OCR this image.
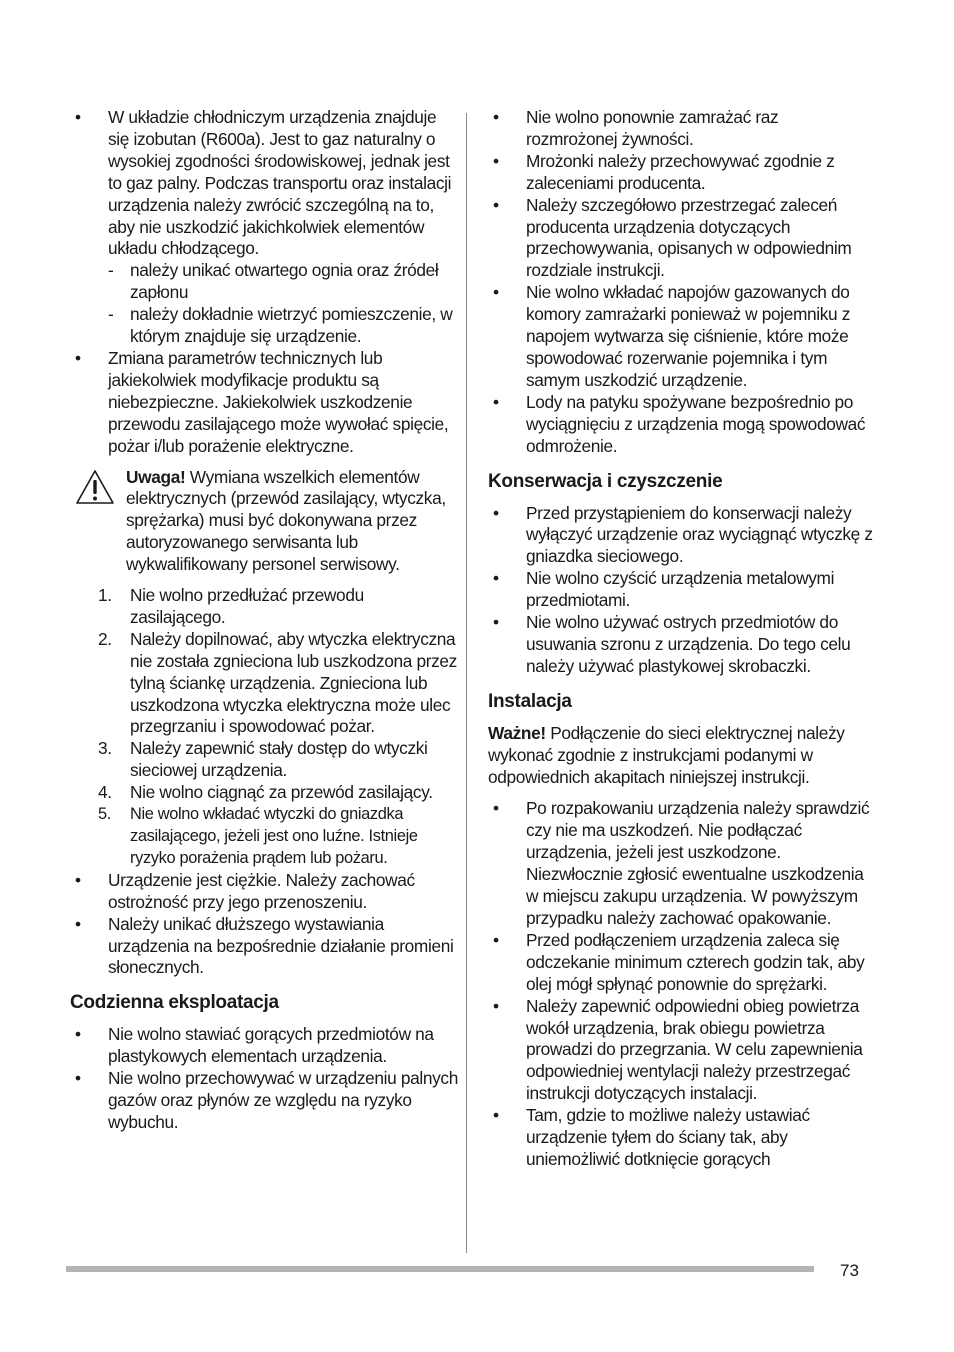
• W układzie chłodniczym urządzenia znajduje się izobutan (R600a). Jest to gaz naturalny o wysokiej zgodności środowiskowej, jednak jest to gaz palny. Podczas transportu oraz instalacji urządzenia należy zwrócić szczególną na to, aby nie uszkodzić jakichkolwiek elementów układu chłodzącego.
- należy unikać otwartego ognia oraz źródeł zapłonu
- należy dokładnie wietrzyć pomieszczenie, w którym znajduje się urządzenie.
• Zmiana parametrów technicznych lub jakiekolwiek modyfikacje produktu są niebezpieczne. Jakiekolwiek uszkodzenie przewodu zasilającego może wywołać spięcie, pożar i/lub porażenie elektryczne.
Uwaga! Wymiana wszelkich elementów elektrycznych (przewód zasilający, wtyczka, sprężarka) musi być dokonywana przez autoryzowanego serwisanta lub wykwalifikowany personel serwisowy.
1. Nie wolno przedłużać przewodu zasilającego.
2. Należy dopilnować, aby wtyczka elektryczna nie została zgnieciona lub uszkodzona przez tylną ściankę urządzenia. Zgnieciona lub uszkodzona wtyczka elektryczna może ulec przegrzaniu i spowodować pożar.
3. Należy zapewnić stały dostęp do wtyczki sieciowej urządzenia.
4. Nie wolno ciągnąć za przewód zasilający.
5. Nie wolno wkładać wtyczki do gniazdka zasilającego, jeżeli jest ono luźne. Istnieje ryzyko porażenia prądem lub pożaru.
• Urządzenie jest ciężkie. Należy zachować ostrożność przy jego przenoszeniu.
• Należy unikać dłuższego wystawiania urządzenia na bezpośrednie działanie promieni słonecznych.
Codzienna eksploatacja
• Nie wolno stawiać gorących przedmiotów na plastykowych elementach urządzenia.
• Nie wolno przechowywać w urządzeniu palnych gazów oraz płynów ze względu na ryzyko wybuchu.
• Nie wolno ponownie zamrażać raz rozmrożonej żywności.
• Mrożonki należy przechowywać zgodnie z zaleceniami producenta.
• Należy szczegółowo przestrzegać zaleceń producenta urządzenia dotyczących przechowywania, opisanych w odpowiednim rozdziale instrukcji.
• Nie wolno wkładać napojów gazowanych do komory zamrażarki ponieważ w pojemniku z napojem wytwarza się ciśnienie, które może spowodować rozerwanie pojemnika i tym samym uszkodzić urządzenie.
• Lody na patyku spożywane bezpośrednio po wyciągnięciu z urządzenia mogą spowodować odmrożenie.
Konserwacja i czyszczenie
• Przed przystąpieniem do konserwacji należy wyłączyć urządzenie oraz wyciągnąć wtyczkę z gniazdka sieciowego.
• Nie wolno czyścić urządzenia metalowymi przedmiotami.
• Nie wolno używać ostrych przedmiotów do usuwania szronu z urządzenia. Do tego celu należy używać plastykowej skrobaczki.
Instalacja
Ważne! Podłączenie do sieci elektrycznej należy wykonać zgodnie z instrukcjami podanymi w odpowiednich akapitach niniejszej instrukcji.
• Po rozpakowaniu urządzenia należy sprawdzić czy nie ma uszkodzeń. Nie podłączać urządzenia, jeżeli jest uszkodzone. Niezwłocznie zgłosić ewentualne uszkodzenia w miejscu zakupu urządzenia. W powyższym przypadku należy zachować opakowanie.
• Przed podłączeniem urządzenia zaleca się odczekanie minimum czterech godzin tak, aby olej mógł spłynąć ponownie do sprężarki.
• Należy zapewnić odpowiedni obieg powietrza wokół urządzenia, brak obiegu powietrza prowadzi do przegrzania. W celu zapewnienia odpowiedniej wentylacji należy przestrzegać instrukcji dotyczących instalacji.
• Tam, gdzie to możliwe należy ustawiać urządzenie tyłem do ściany tak, aby uniemożliwić dotknięcie gorących
73
